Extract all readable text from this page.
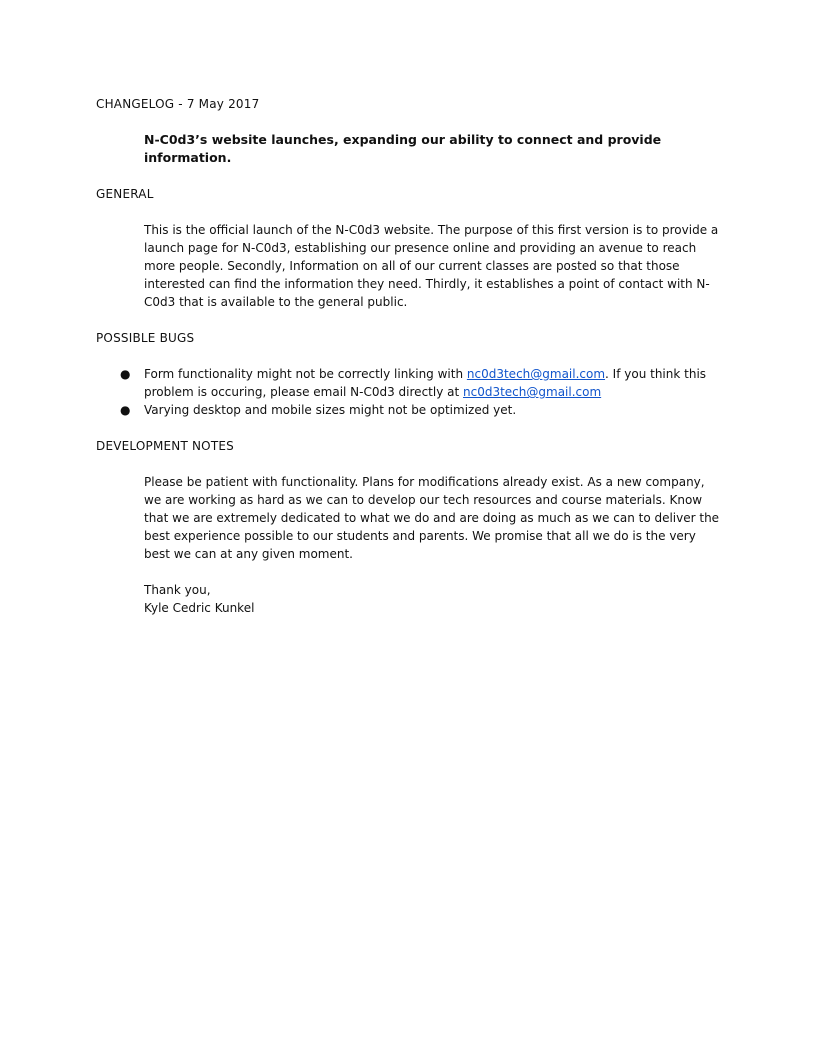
CHANGELOG - 7 May 2017

N-C0d3’s website launches, expanding our ability to connect and provide information.

GENERAL

This is the official launch of the N-C0d3 website. The purpose of this first version is to provide a launch page for N-C0d3, establishing our presence online and providing an avenue to reach more people. Secondly, Information on all of our current classes are posted so that those interested can find the information they need. Thirdly, it establishes a point of contact with N-C0d3 that is available to the general public.

POSSIBLE BUGS

● Form functionality might not be correctly linking with nc0d3tech@gmail.com. If you think this problem is occuring, please email N-C0d3 directly at nc0d3tech@gmail.com
● Varying desktop and mobile sizes might not be optimized yet.

DEVELOPMENT NOTES

Please be patient with functionality. Plans for modifications already exist. As a new company, we are working as hard as we can to develop our tech resources and course materials. Know that we are extremely dedicated to what we do and are doing as much as we can to deliver the best experience possible to our students and parents. We promise that all we do is the very best we can at any given moment.

Thank you,
Kyle Cedric Kunkel
